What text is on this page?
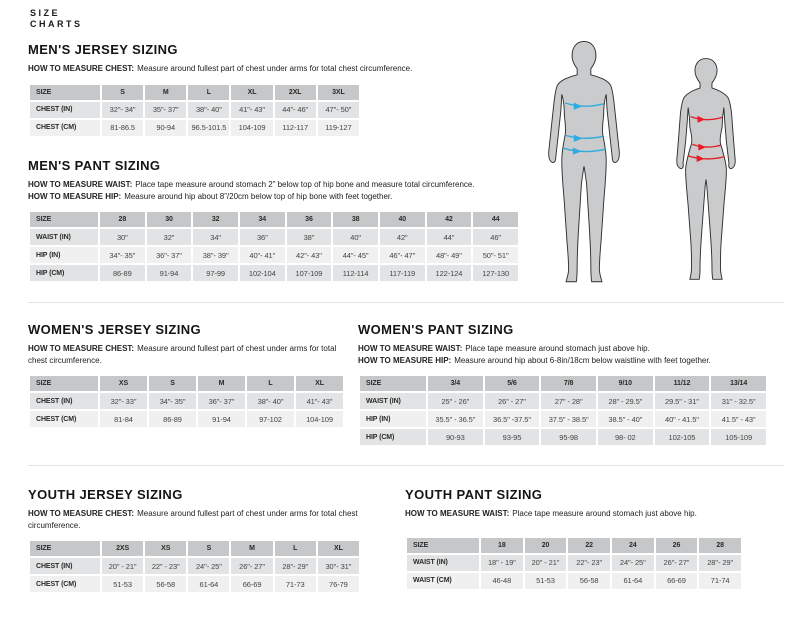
SIZE
CHARTS
MEN'S JERSEY SIZING

HOW TO MEASURE CHEST: Measure around fullest part of chest under arms for total chest circumference.

SIZE	S	M	L	XL	2XL	3XL
CHEST (IN)	32"- 34"	35"- 37"	38"- 40"	41"- 43"	44"- 46"	47"- 50"
CHEST (CM)	81-86.5	90-94	96.5-101.5	104-109	112-117	119-127
MEN'S PANT SIZING

HOW TO MEASURE WAIST: Place tape measure around stomach 2” below top of hip bone and measure total circumference.

HOW TO MEASURE HIP: Measure around hip about 8”/20cm below top of hip bone with feet together.

SIZE	28	30	32	34	36	38	40	42	44
WAIST (IN)	30"	32"	34"	36"	38"	40"	42"	44"	46"
HIP (IN)	34"- 35"	36"- 37"	38"- 39"	40"- 41"	42"- 43"	44"- 45"	46"- 47"	48"- 49"	50"- 51"
HIP (CM)	86-89	91-94	97-99	102-104	107-109	112-114	117-119	122-124	127-130
WOMEN'S JERSEY SIZING

HOW TO MEASURE CHEST: Measure around fullest part of chest under arms for total chest circumference.

SIZE	XS	S	M	L	XL
CHEST (IN)	32"- 33"	34"- 35"	36"- 37"	38"- 40"	41"- 43"
CHEST (CM)	81-84	86-89	91-94	97-102	104-109
WOMEN'S PANT SIZING

HOW TO MEASURE WAIST: Place tape measure around stomach just above hip.

HOW TO MEASURE HIP: Measure around hip about 6-8in/18cm below waistline with feet together.

SIZE	3/4	5/6	7/8	9/10	11/12	13/14
WAIST (IN)	25" - 26"	26" - 27"	27" - 28"	28" - 29.5"	29.5" - 31"	31" - 32.5"
HIP (IN)	35.5" - 36.5"	36.5" -37.5"	37.5" - 38.5"	38.5" - 40"	40" - 41.5"	41.5" - 43"
HIP (CM)	90-93	93-95	95-98	98- 02	102-105	105-109
YOUTH JERSEY SIZING

HOW TO MEASURE CHEST: Measure around fullest part of chest under arms for total chest circumference.

SIZE	2XS	XS	S	M	L	XL
CHEST (IN)	20" - 21"	22" - 23"	24"- 25"	26"- 27"	28"- 29"	30"- 31"
CHEST (CM)	51-53	56-58	61-64	66-69	71-73	76-79
YOUTH PANT SIZING

HOW TO MEASURE WAIST: Place tape measure around stomach just above hip.

SIZE	18	20	22	24	26	28
WAIST (IN)	18" - 19"	20" - 21"	22"- 23"	24"- 25"	26"- 27"	28"- 29"
WAIST (CM)	46-48	51-53	56-58	61-64	66-69	71-74
